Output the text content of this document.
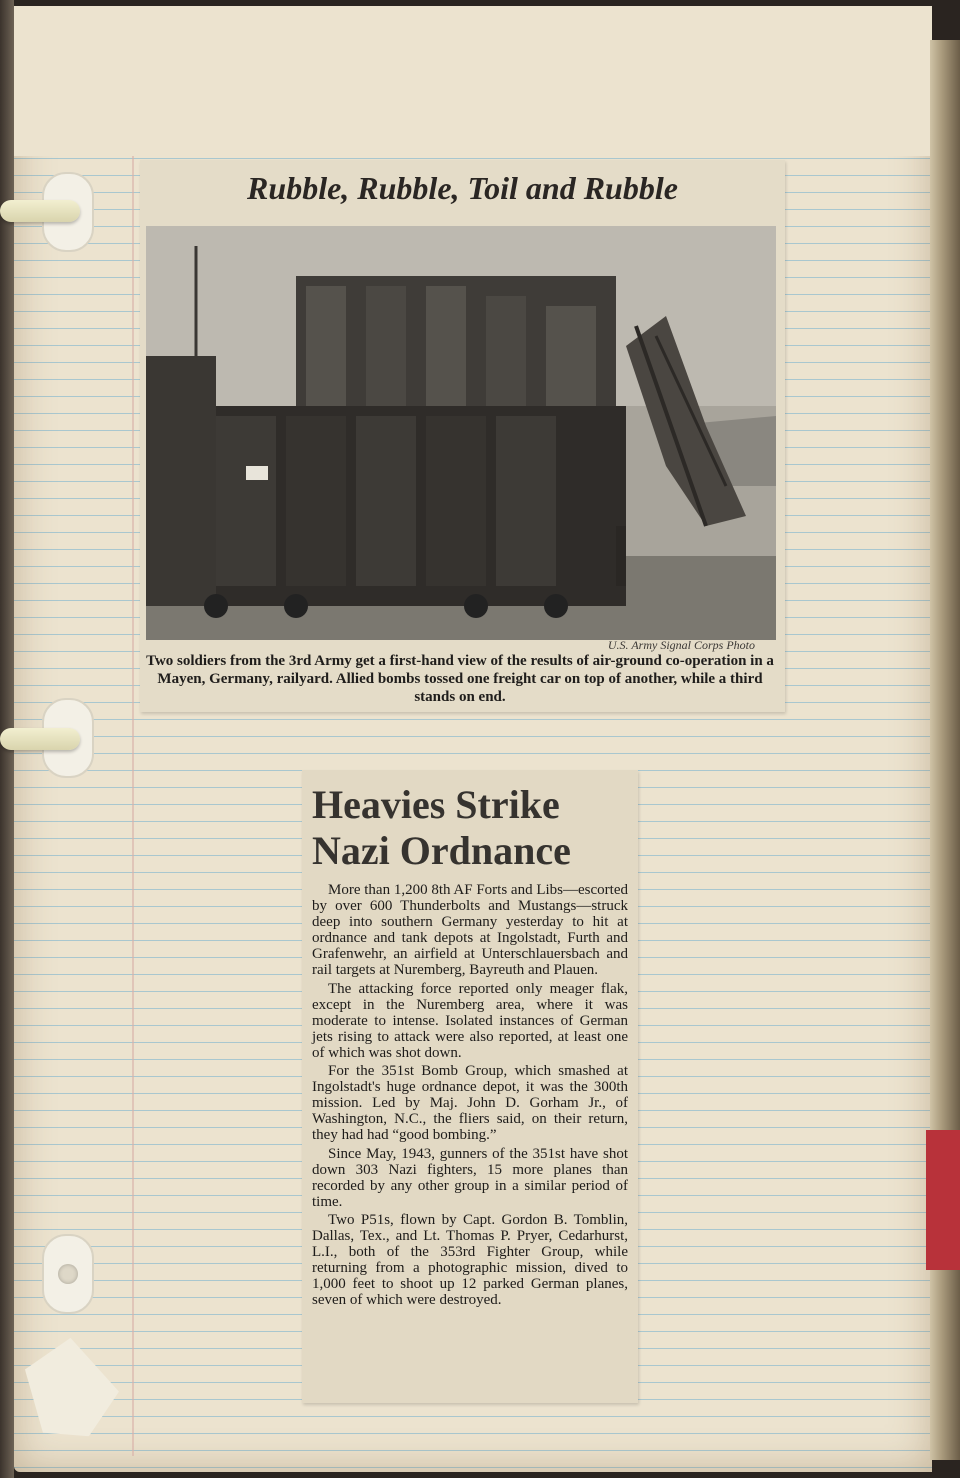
Rubble, Rubble, Toil and Rubble
U.S. Army Signal Corps Photo
Two soldiers from the 3rd Army get a first-hand view of the results of air-ground co-operation in a Mayen, Germany, railyard. Allied bombs tossed one freight car on top of another, while a third stands on end.
Heavies Strike Nazi Ordnance

More than 1,200 8th AF Forts and Libs—escorted by over 600 Thunderbolts and Mustangs—struck deep into southern Germany yesterday to hit at ordnance and tank depots at Ingolstadt, Furth and Grafenwehr, an airfield at Unterschlauersbach and rail targets at Nuremberg, Bayreuth and Plauen.

The attacking force reported only meager flak, except in the Nuremberg area, where it was moderate to intense. Isolated instances of German jets rising to attack were also reported, at least one of which was shot down.

For the 351st Bomb Group, which smashed at Ingolstadt's huge ordnance depot, it was the 300th mission. Led by Maj. John D. Gorham Jr., of Washington, N.C., the fliers said, on their return, they had had “good bombing.”

Since May, 1943, gunners of the 351st have shot down 303 Nazi fighters, 15 more planes than recorded by any other group in a similar period of time.

Two P51s, flown by Capt. Gordon B. Tomblin, Dallas, Tex., and Lt. Thomas P. Pryer, Cedarhurst, L.I., both of the 353rd Fighter Group, while returning from a photographic mission, dived to 1,000 feet to shoot up 12 parked German planes, seven of which were destroyed.
